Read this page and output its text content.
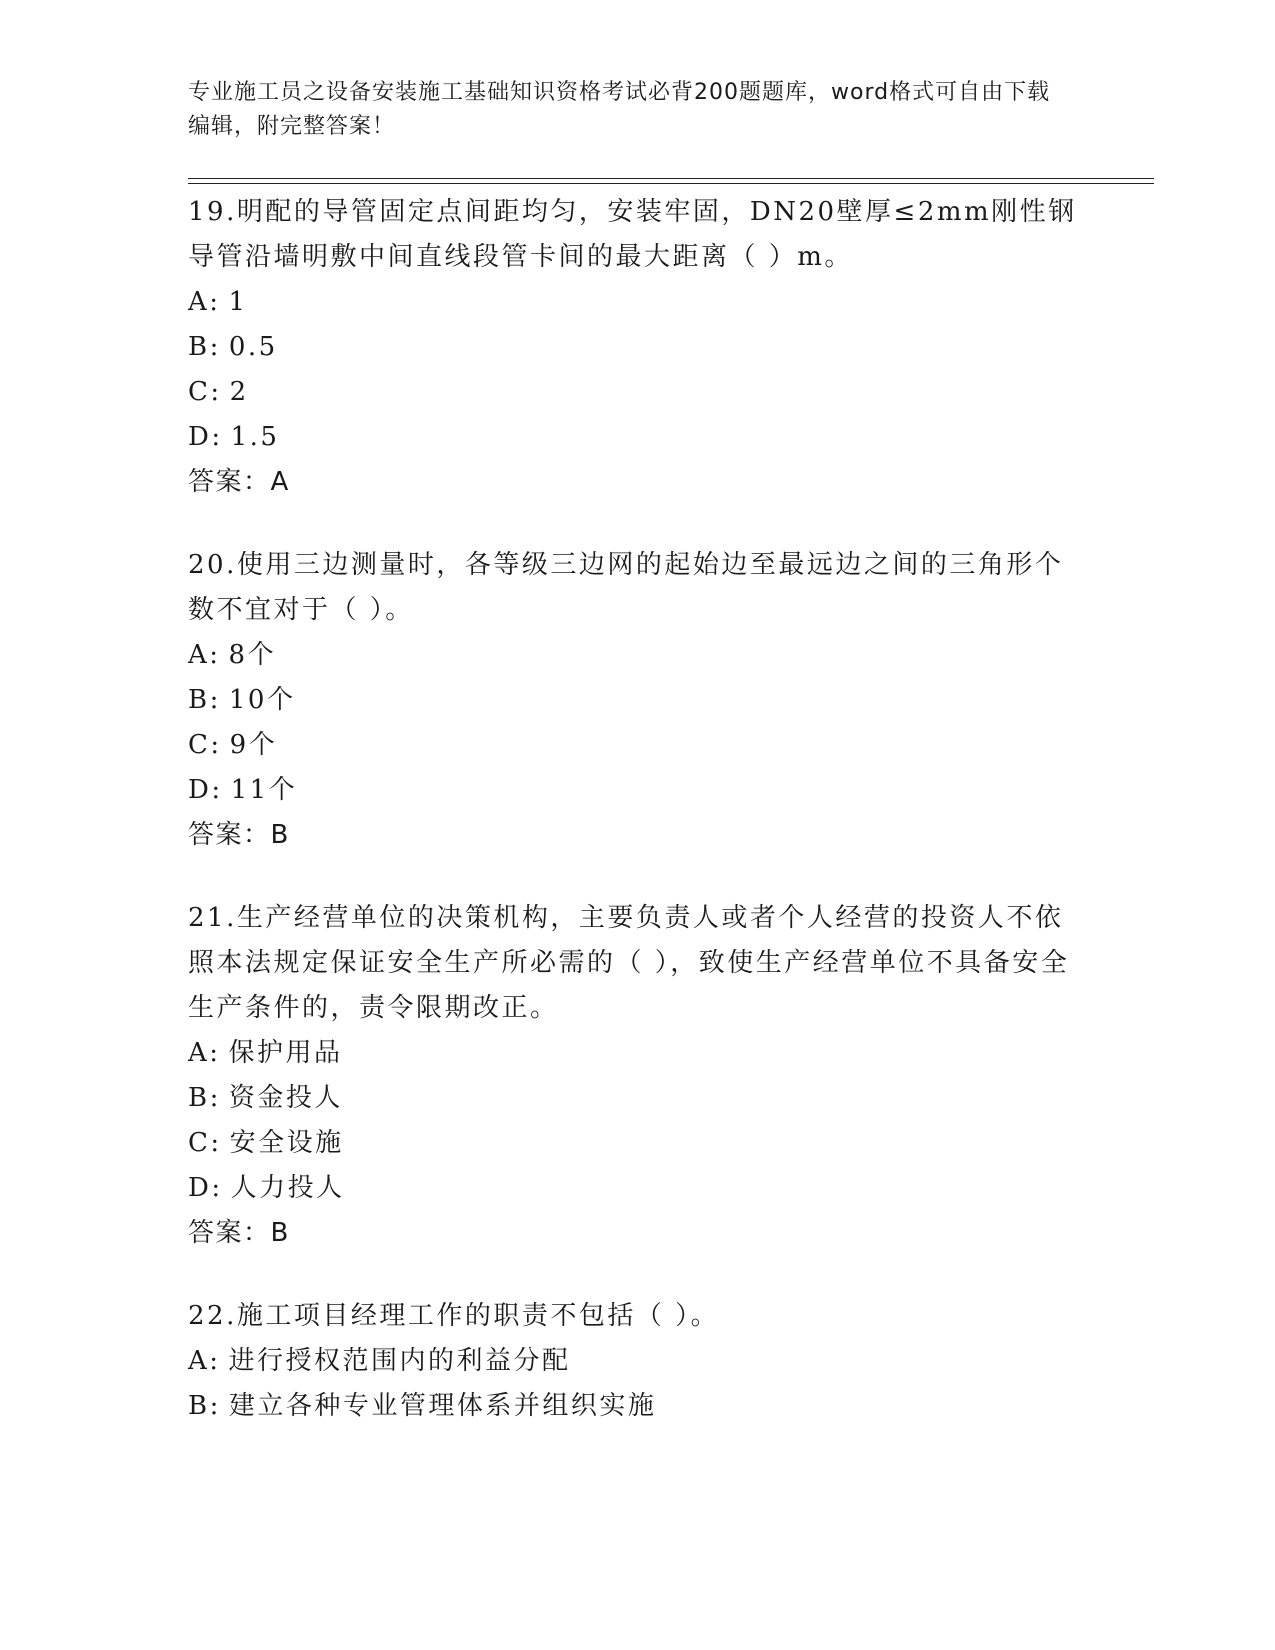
专业施工员之设备安装施工基础知识资格考试必背200题题库，word格式可自由下载编辑，附完整答案！

19.明配的导管固定点间距均匀，安装牢固，DN20壁厚≤2mm刚性钢导管沿墙明敷中间直线段管卡间的最大距离（ ）m。

A: 1

B: 0.5

C: 2

D: 1.5

答案：A

20.使用三边测量时，各等级三边网的起始边至最远边之间的三角形个数不宜对于（ ）。

A: 8个

B: 10个

C: 9个

D: 11个

答案：B

21.生产经营单位的决策机构，主要负责人或者个人经营的投资人不依照本法规定保证安全生产所必需的（ ），致使生产经营单位不具备安全生产条件的，责令限期改正。

A: 保护用品

B: 资金投人

C: 安全设施

D: 人力投人

答案：B

22.施工项目经理工作的职责不包括（ ）。

A: 进行授权范围内的利益分配

B: 建立各种专业管理体系并组织实施
